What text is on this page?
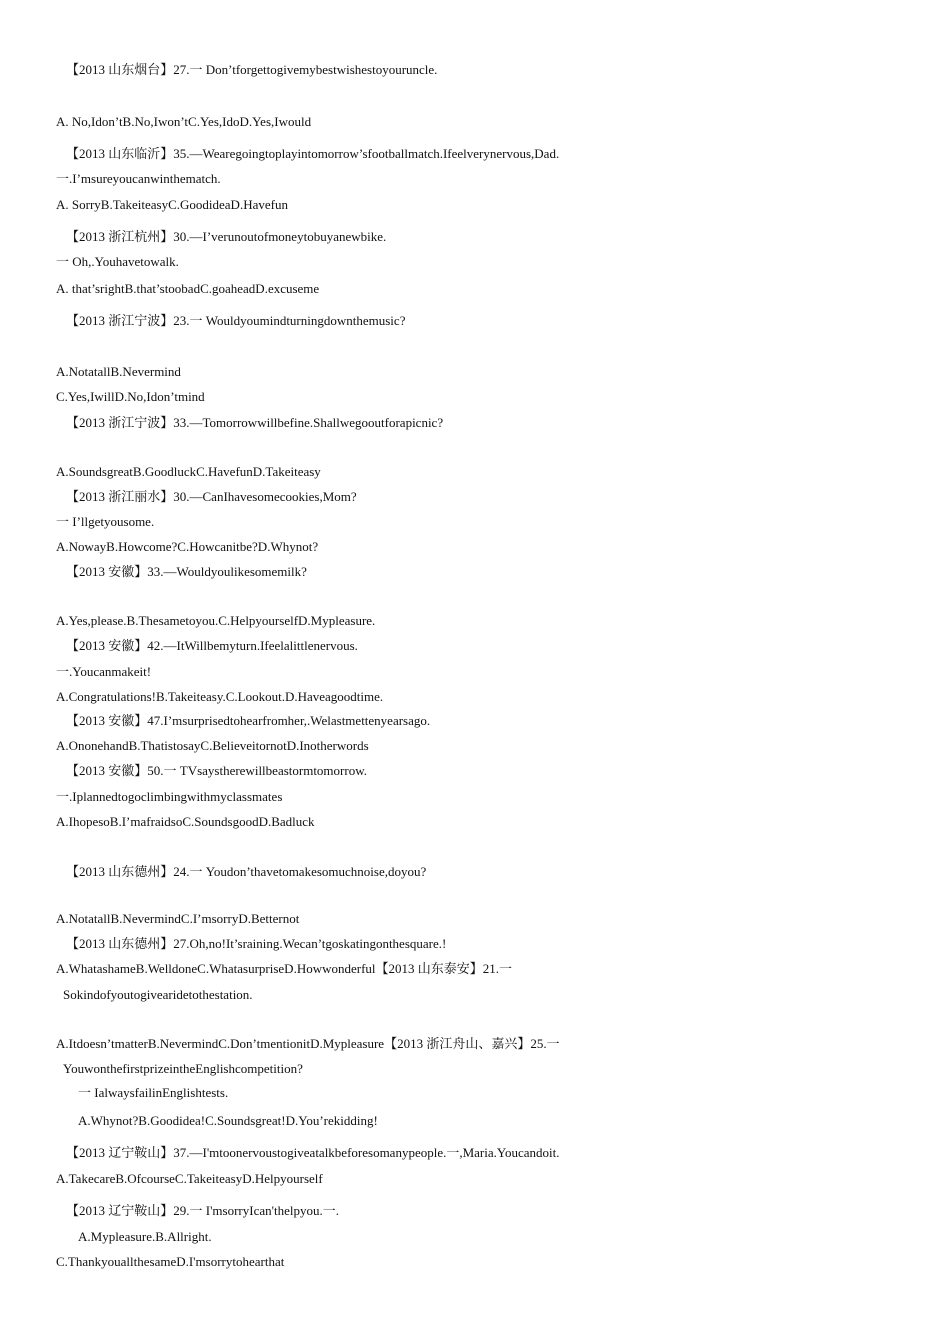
【2013 山东烟台】27.一 Don’tforgettogivemybestwishestoyouruncle.
A. No,Idon’tB.No,Iwon’tC.Yes,IdoD.Yes,Iwould
【2013 山东临沂】35.—Wearegoingtoplayintomorrow’sfootballmatch.Ifeelverynervous,Dad.
一.I’msureyoucanwinthematch.
A. SorryB.TakeiteasyC.GoodideaD.Havefun
【2013 浙江杭州】30.—I’verunoutofmoneytobuyanewbike.
一 Oh,.Youhavetowalk.
A. that’srightB.that’stoobadC.goaheadD.excuseme
【2013 浙江宁波】23.一 Wouldyoumindturningdownthemusic?
A.NotatallB.Nevermind
C.Yes,IwillD.No,Idon’tmind
【2013 浙江宁波】33.—Tomorrowwillbefine.Shallwegooutforapicnic?
A.SoundsgreatB.GoodluckC.HavefunD.Takeiteasy
【2013 浙江丽水】30.—CanIhavesomecookies,Mom?
一 I’llgetyousome.
A.NowayB.Howcome?C.Howcanitbe?D.Whynot?
【2013 安徽】33.—Wouldyoulikesomemilk?
A.Yes,please.B.Thesametoyou.C.HelpyourselfD.Mypleasure.
【2013 安徽】42.—ItWillbemyturn.Ifeelalittlenervous.
一.Youcanmakeit!
A.Congratulations!B.Takeiteasy.C.Lookout.D.Haveagoodtime.
【2013 安徽】47.I’msurprisedtohearfromher,.Welastmettenyearsago.
A.OnonehandB.ThatistosayC.BelieveitornotD.Inotherwords
【2013 安徽】50.一 TVsaystherewillbeastormtomorrow.
一.Iplannedtogoclimbingwithmyclassmates
A.IhopesoB.I’mafraidsoC.SoundsgoodD.Badluck
【2013 山东德州】24.一 Youdon’thavetomakesomuchnoise,doyou?
A.NotatallB.NevermindC.I’msorryD.Betternot
【2013 山东德州】27.Oh,no!It’sraining.Wecan’tgoskatingonthesquare.!
A.WhatashameB.WelldoneC.WhatasurpriseD.Howwonderful【2013 山东泰安】21.一
Sokindofyoutogivearidetothestation.
A.Itdoesn’tmatterB.NevermindC.Don’tmentionitD.Mypleasure【2013 浙江舟山、嘉兴】25.一
YouwonthefirstprizeintheEnglishcompetition?
一 IalwaysfailinEnglishtests.
A.Whynot?B.Goodidea!C.Soundsgreat!D.You’rekidding!
【2013 辽宁鞍山】37.—I'mtoonervoustogiveatalkbeforesomanypeople.一,Maria.Youcandoit.
A.TakecareB.OfcourseC.TakeiteasyD.Helpyourself
【2013 辽宁鞍山】29.一 I'msorryIcan'thelpyou.一.
A.Mypleasure.B.Allright.
C.ThankyouallthesameD.I'msorrytohearthat
